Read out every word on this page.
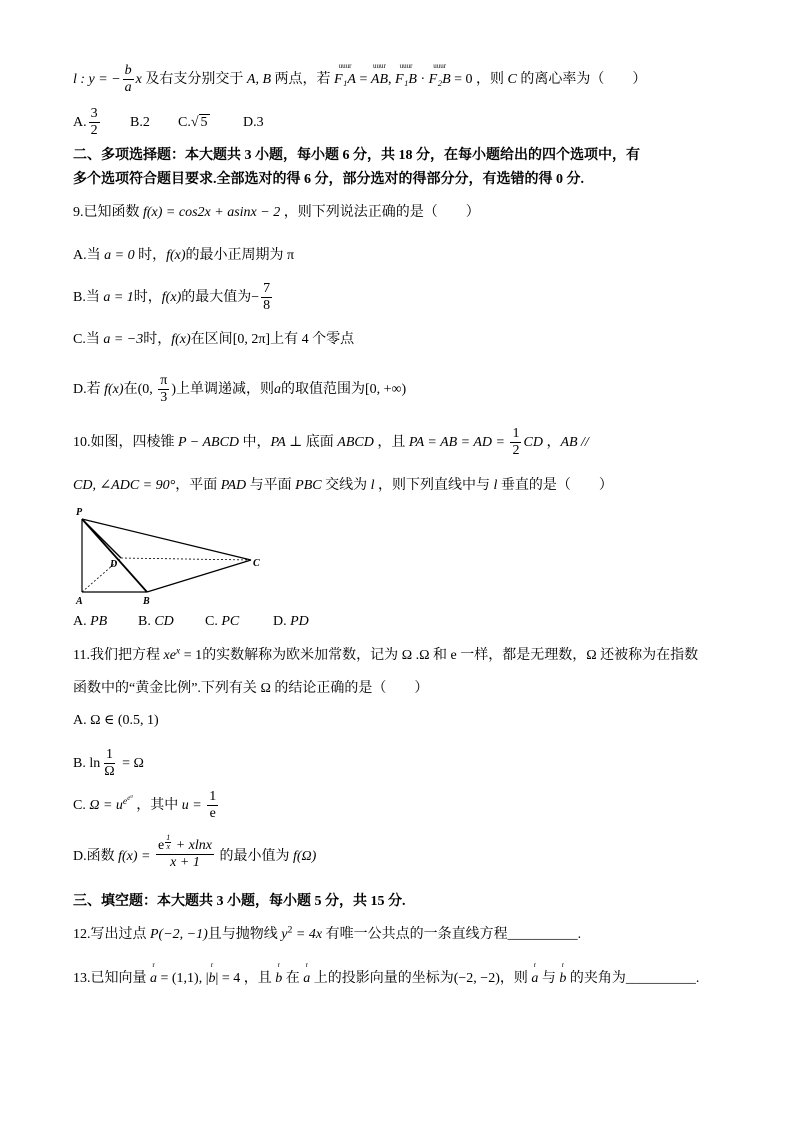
l : y = − $\frac{b}{a}$ x 及右支分别交于 A, B 两点，若
uuur
F₁A =
uuur
AB,
uuur
F₁B ·
uuur
F₂B = 0 ，则 C 的离心率为（　　）
A. $\frac{3}{2} B.2$ C.√ 5	D.3
二、多项选择题：本大题共 3 小题，每小题 6 分，共 18 分，在每小题给出的四个选项中，有
多个选项符合题目要求.全部选对的得 6 分，部分选对的得部分分，有选错的得 0 分.
9.已知函数 f(x) = cos2x + asinx − 2 ，则下列说法正确的是（　　）
A.当 a = 0 时，f(x)的最小正周期为 π
B.当 a = 1时，f(x)的最大值为− $\frac{7}{8}$
C.当 a = −3时，f(x)在区间[0, 2π]上有 4 个零点
D.若 f(x)在(0, $\frac{\pi}{3}$ )上单调递减，则a的取值范围为[0, +∞)
10.如图，四棱锥 P − ABCD 中，PA ⊥ 底面 ABCD ，且 PA = AB = AD = $\frac{1}{2}$ CD ，AB //
CD, ∠ADC = 90°，平面 PAD 与平面 PBC 交线为 l ，则下列直线中与 l 垂直的是（　　）
P
D	C
A	B
A. PB B. CD C. PC D. PD
11.我们把方程 $xe^x = 1$的实数解称为欧米加常数，记为 Ω .Ω 和 e 一样，都是无理数，Ω 还被称为在指数
函数中的“黄金比例”.下列有关 Ω 的结论正确的是（　　）
A. Ω ∈ (0.5, 1)
B. $\ln \frac{1}{\Omega} = \Omega$
C. $\Omega = u^{e^{e^u}}$ ，其中 $u = \frac{1}{e}$
D.函数 $f(x) = \frac{e \frac{1}{x} + xlnx}{x + 1}$ 的最小值为 f(Ω)
三、填空题：本大题共 3 小题，每小题 5 分，共 15 分.
12.写出过点 P(−2, −1)且与抛物线 $y^2 = 4x$ 有唯一公共点的一条直线方程__________.
13.已知向量
r
a = (1,1), |
r
b| = 4 ，且
r
b 在
r
a 上的投影向量的坐标为(−2, −2)，则
r
a 与
r
b 的夹角为__________.
